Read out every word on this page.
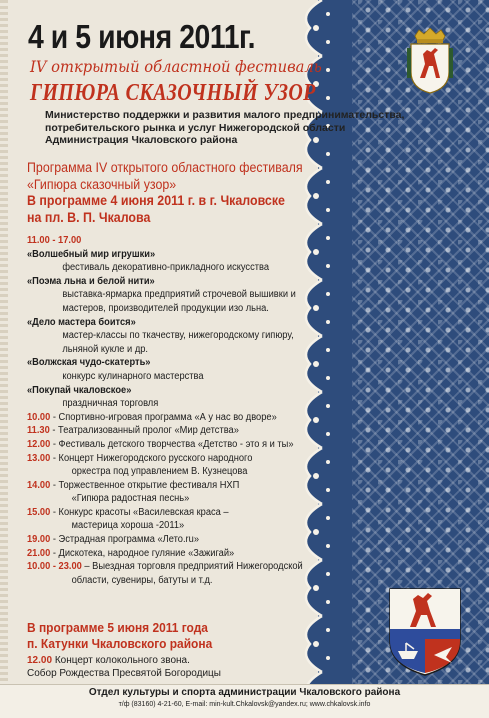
4 и 5 июня 2011г.
IV открытый областной фестиваль
ГИПЮРА СКАЗОЧНЫЙ УЗОР
Министерство поддержки и развития малого предпринимательства,
потребительского рынка и услуг Нижегородской области
Администрация Чкаловского района
Программа IV открытого областного фестиваля
«Гипюра сказочный узор»
В программе 4 июня 2011 г. в г. Чкаловске
на пл. В. П. Чкалова
11.00 - 17.00
«Волшебный мир игрушки»
фестиваль декоративно-прикладного искусства
«Поэма льна и белой нити»
выставка-ярмарка предприятий строчевой вышивки и
мастеров, производителей продукции изо льна.
«Дело мастера боится»
мастер-классы по ткачеству, нижегородскому гипюру,
льняной кукле и др.
«Волжская чудо-скатерть»
конкурс кулинарного мастерства
«Покупай чкаловское»
праздничная торговля
10.00 - Спортивно-игровая программа «А у нас во дворе»
11.30 - Театрализованный пролог «Мир детства»
12.00 - Фестиваль детского творчества «Детство - это я и ты»
13.00 - Концерт Нижегородского русского народного
оркестра под управлением В. Кузнецова
14.00 - Торжественное открытие фестиваля НХП
«Гипюра радостная песнь»
15.00 - Конкурс красоты «Василевская краса –
мастерица хороша -2011»
19.00 - Эстрадная программа «Лето.ru»
21.00 - Дискотека, народное гуляние «Зажигай»
10.00 - 23.00 – Выездная торговля предприятий Нижегородской
области, сувениры, батуты и т.д.
В программе 5 июня 2011 года
п. Катунки Чкаловского района
12.00 Концерт колокольного звона.
Собор Рождества Пресвятой Богородицы
Отдел культуры и спорта администрации Чкаловского района
т/ф (83160) 4-21-60, E-mail: min-kult.Chkalovsk@yandex.ru; www.chkalovsk.info
